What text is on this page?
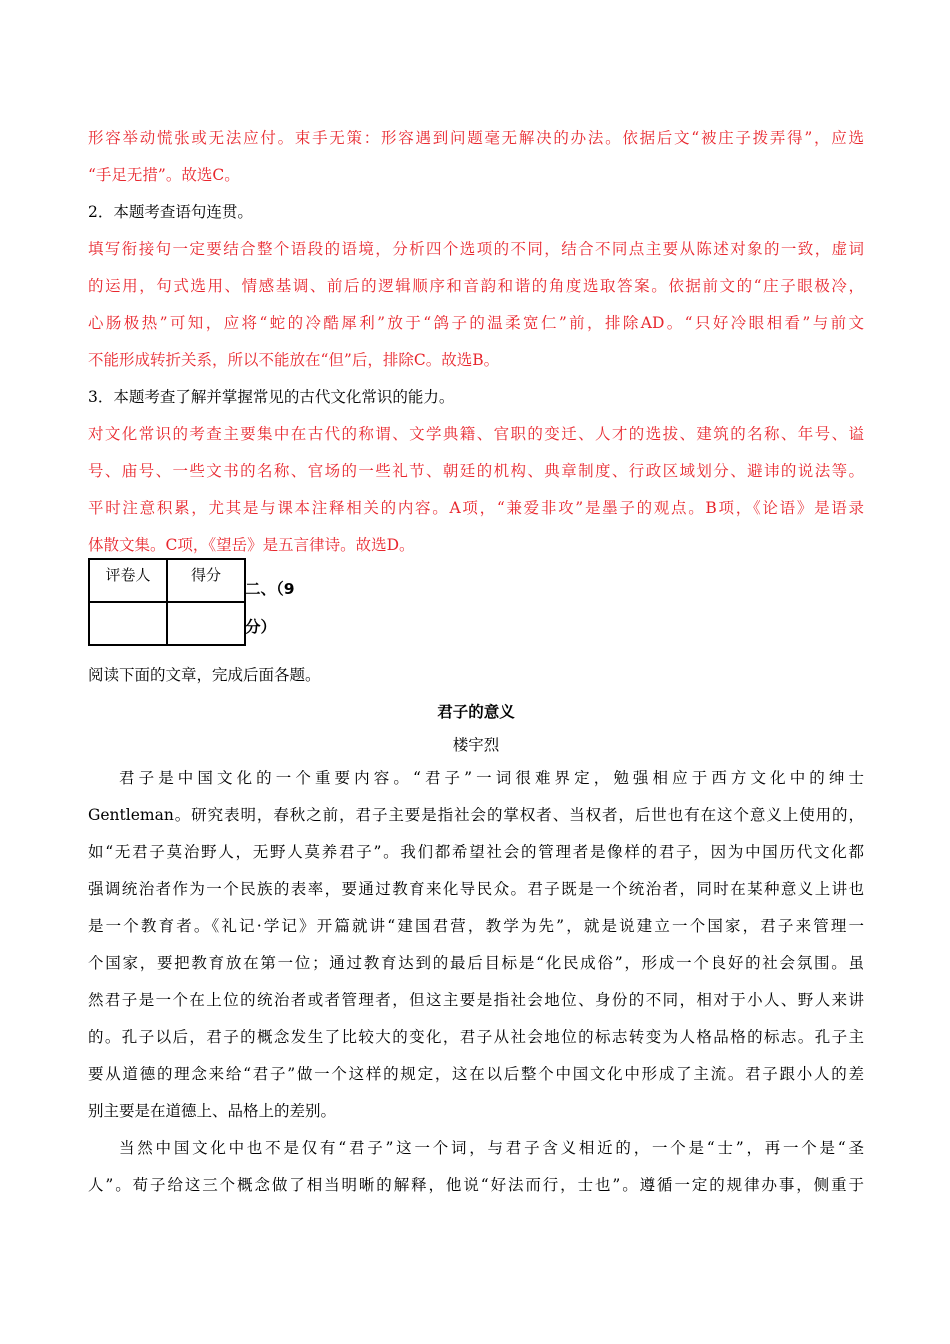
形容举动慌张或无法应付。束手无策：形容遇到问题毫无解决的办法。依据后文“被庄子拨弄得”，应选
“手足无措”。故选C。
2．本题考查语句连贯。
填写衔接句一定要结合整个语段的语境，分析四个选项的不同，结合不同点主要从陈述对象的一致，虚词
的运用，句式选用、情感基调、前后的逻辑顺序和音韵和谐的角度选取答案。依据前文的“庄子眼极冷，
心肠极热”可知，应将“蛇的冷酷犀利”放于“鸽子的温柔宽仁”前，排除AD。“只好冷眼相看”与前文
不能形成转折关系，所以不能放在“但”后，排除C。故选B。
3．本题考查了解并掌握常见的古代文化常识的能力。
对文化常识的考查主要集中在古代的称谓、文学典籍、官职的变迁、人才的选拔、建筑的名称、年号、谥
号、庙号、一些文书的名称、官场的一些礼节、朝廷的机构、典章制度、行政区域划分、避讳的说法等。
平时注意积累，尤其是与课本注释相关的内容。A项，“兼爱非攻”是墨子的观点。B项，《论语》是语录
体散文集。C项，《望岳》是五言律诗。故选D。
评卷人	得分

二、（9
分）
阅读下面的文章，完成后面各题。
君子的意义
楼宇烈
君子是中国文化的一个重要内容。“君子”一词很难界定，勉强相应于西方文化中的绅士
Gentleman。研究表明，春秋之前，君子主要是指社会的掌权者、当权者，后世也有在这个意义上使用的，
如“无君子莫治野人，无野人莫养君子”。我们都希望社会的管理者是像样的君子，因为中国历代文化都
强调统治者作为一个民族的表率，要通过教育来化导民众。君子既是一个统治者，同时在某种意义上讲也
是一个教育者。《礼记·学记》开篇就讲“建国君营，教学为先”，就是说建立一个国家，君子来管理一
个国家，要把教育放在第一位；通过教育达到的最后目标是“化民成俗”，形成一个良好的社会氛围。虽
然君子是一个在上位的统治者或者管理者，但这主要是指社会地位、身份的不同，相对于小人、野人来讲
的。孔子以后，君子的概念发生了比较大的变化，君子从社会地位的标志转变为人格品格的标志。孔子主
要从道德的理念来给“君子”做一个这样的规定，这在以后整个中国文化中形成了主流。君子跟小人的差
别主要是在道德上、品格上的差别。
当然中国文化中也不是仅有“君子”这一个词，与君子含义相近的，一个是“士”，再一个是“圣
人”。荀子给这三个概念做了相当明晰的解释，他说“好法而行，士也”。遵循一定的规律办事，侧重于
